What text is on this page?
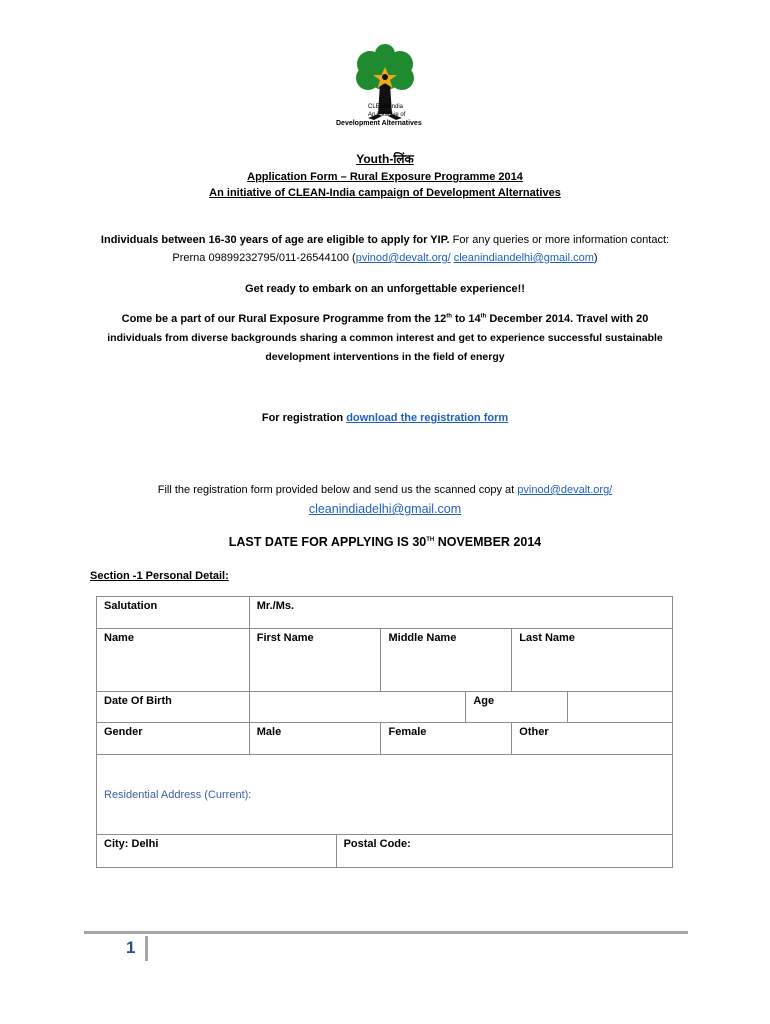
CLEAN-India
An initiative of
Development Alternatives
Youth-लिंक
Application Form – Rural Exposure Programme 2014
An initiative of CLEAN-India campaign of Development Alternatives
Individuals between 16-30 years of age are eligible to apply for YIP. For any queries or more information contact:
Prerna 09899232795/011-26544100 (pvinod@devalt.org/ cleanindiandelhi@gmail.com)
Get ready to embark on an unforgettable experience!!
Come be a part of our Rural Exposure Programme from the 12th to 14th December 2014. Travel with 20
individuals from diverse backgrounds sharing a common interest and get to experience successful sustainable
development interventions in the field of energy
For registration download the registration form
Fill the registration form provided below and send us the scanned copy at pvinod@devalt.org/
cleanindiadelhi@gmail.com
LAST DATE FOR APPLYING IS 30TH NOVEMBER 2014
Section -1 Personal Detail:
Salutation	Mr./Ms.					
Name	First Name		Middle Name		Last Name	
Date Of Birth				Age		
Gender	Male		Female		Other	
Residential Address (Current):						
City: Delhi		Postal Code:				
1
